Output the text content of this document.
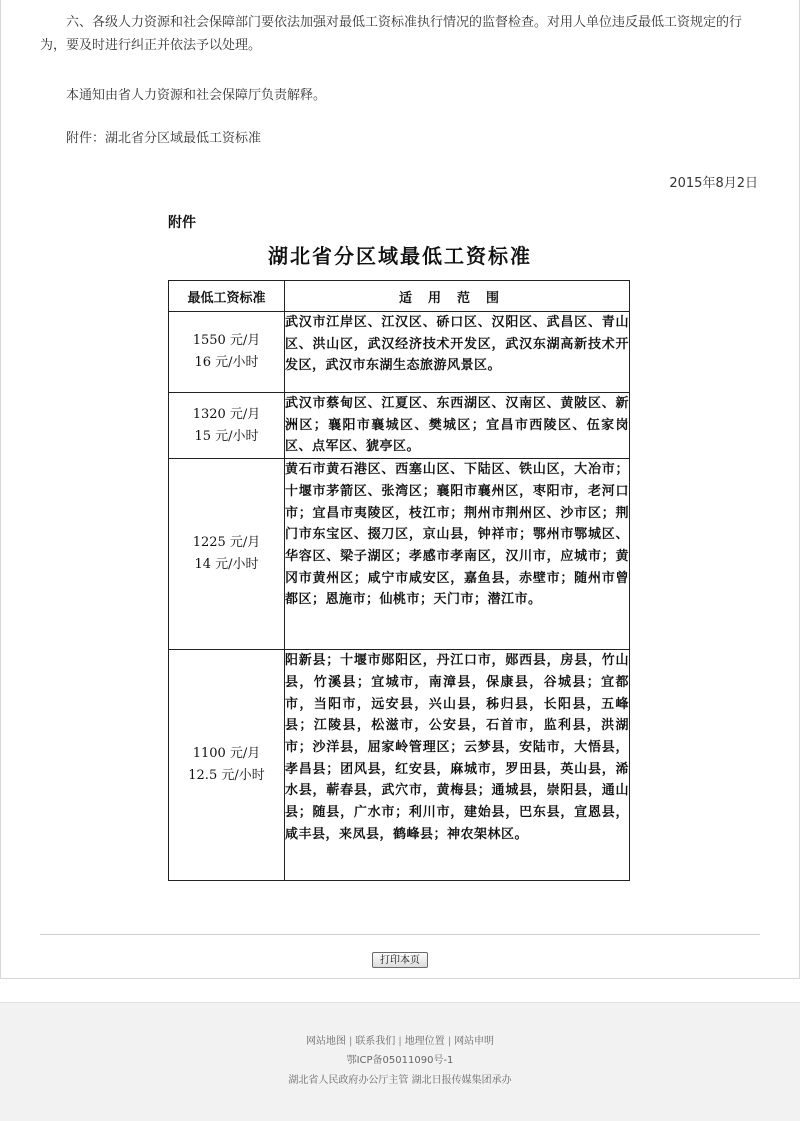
六、各级人力资源和社会保障部门要依法加强对最低工资标准执行情况的监督检查。对用人单位违反最低工资规定的行为，要及时进行纠正并依法予以处理。
本通知由省人力资源和社会保障厅负责解释。
附件：湖北省分区域最低工资标准
2015年8月2日
附件
湖北省分区域最低工资标准
最低工资标准	适用范围

1550 元/月
16 元/小时	武汉市江岸区、江汉区、硚口区、汉阳区、武昌区、青山区、洪山区，武汉经济技术开发区，武汉东湖高新技术开发区，武汉市东湖生态旅游风景区。

1320 元/月
15 元/小时	武汉市蔡甸区、江夏区、东西湖区、汉南区、黄陂区、新洲区；襄阳市襄城区、樊城区；宜昌市西陵区、伍家岗区、点军区、猇亭区。

1225 元/月
14 元/小时	黄石市黄石港区、西塞山区、下陆区、铁山区，大冶市；十堰市茅箭区、张湾区；襄阳市襄州区，枣阳市，老河口市；宜昌市夷陵区，枝江市；荆州市荆州区、沙市区；荆门市东宝区、掇刀区，京山县，钟祥市；鄂州市鄂城区、华容区、梁子湖区；孝感市孝南区，汉川市，应城市；黄冈市黄州区；咸宁市咸安区，嘉鱼县，赤壁市；随州市曾都区；恩施市；仙桃市；天门市；潜江市。

1100 元/月
12.5 元/小时	阳新县；十堰市郧阳区，丹江口市，郧西县，房县，竹山县，竹溪县；宜城市，南漳县，保康县，谷城县；宜都市，当阳市，远安县，兴山县，秭归县，长阳县，五峰县；江陵县，松滋市，公安县，石首市，监利县，洪湖市；沙洋县，屈家岭管理区；云梦县，安陆市，大悟县，孝昌县；团风县，红安县，麻城市，罗田县，英山县，浠水县，蕲春县，武穴市，黄梅县；通城县，崇阳县，通山县；随县，广水市；利川市，建始县，巴东县，宣恩县，咸丰县，来凤县，鹤峰县；神农架林区。
打印本页
网站地图 | 联系我们 | 地理位置 | 网站申明
鄂ICP备05011090号-1
湖北省人民政府办公厅主管 湖北日报传媒集团承办
